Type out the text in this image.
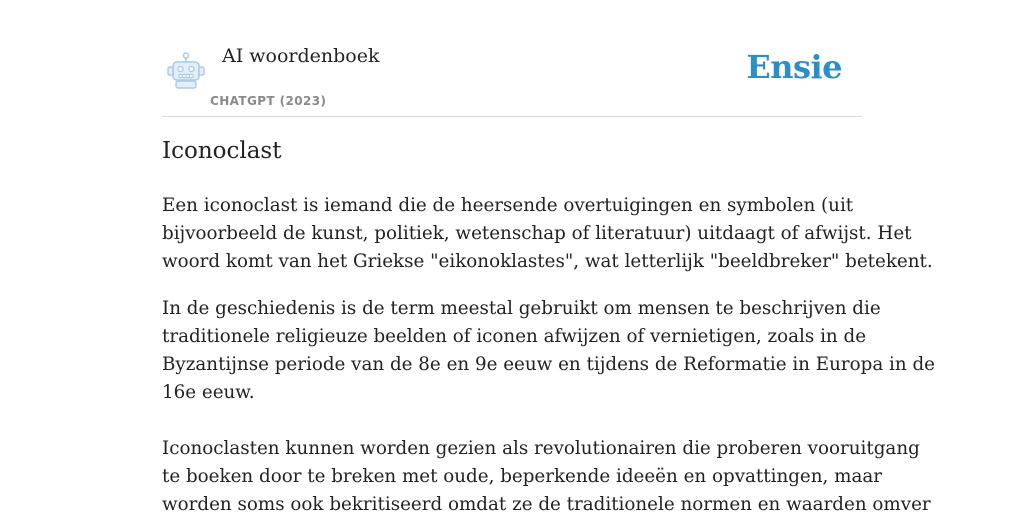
AI woordenboek
CHATGPT (2023)
Ensie
Iconoclast

Een iconoclast is iemand die de heersende overtuigingen en symbolen (uit
bijvoorbeeld de kunst, politiek, wetenschap of literatuur) uitdaagt of afwijst. Het
woord komt van het Griekse "eikonoklastes", wat letterlijk "beeldbreker" betekent.

In de geschiedenis is de term meestal gebruikt om mensen te beschrijven die
traditionele religieuze beelden of iconen afwijzen of vernietigen, zoals in de
Byzantijnse periode van de 8e en 9e eeuw en tijdens de Reformatie in Europa in de
16e eeuw.

Iconoclasten kunnen worden gezien als revolutionairen die proberen vooruitgang
te boeken door te breken met oude, beperkende ideeën en opvattingen, maar
worden soms ook bekritiseerd omdat ze de traditionele normen en waarden omver
